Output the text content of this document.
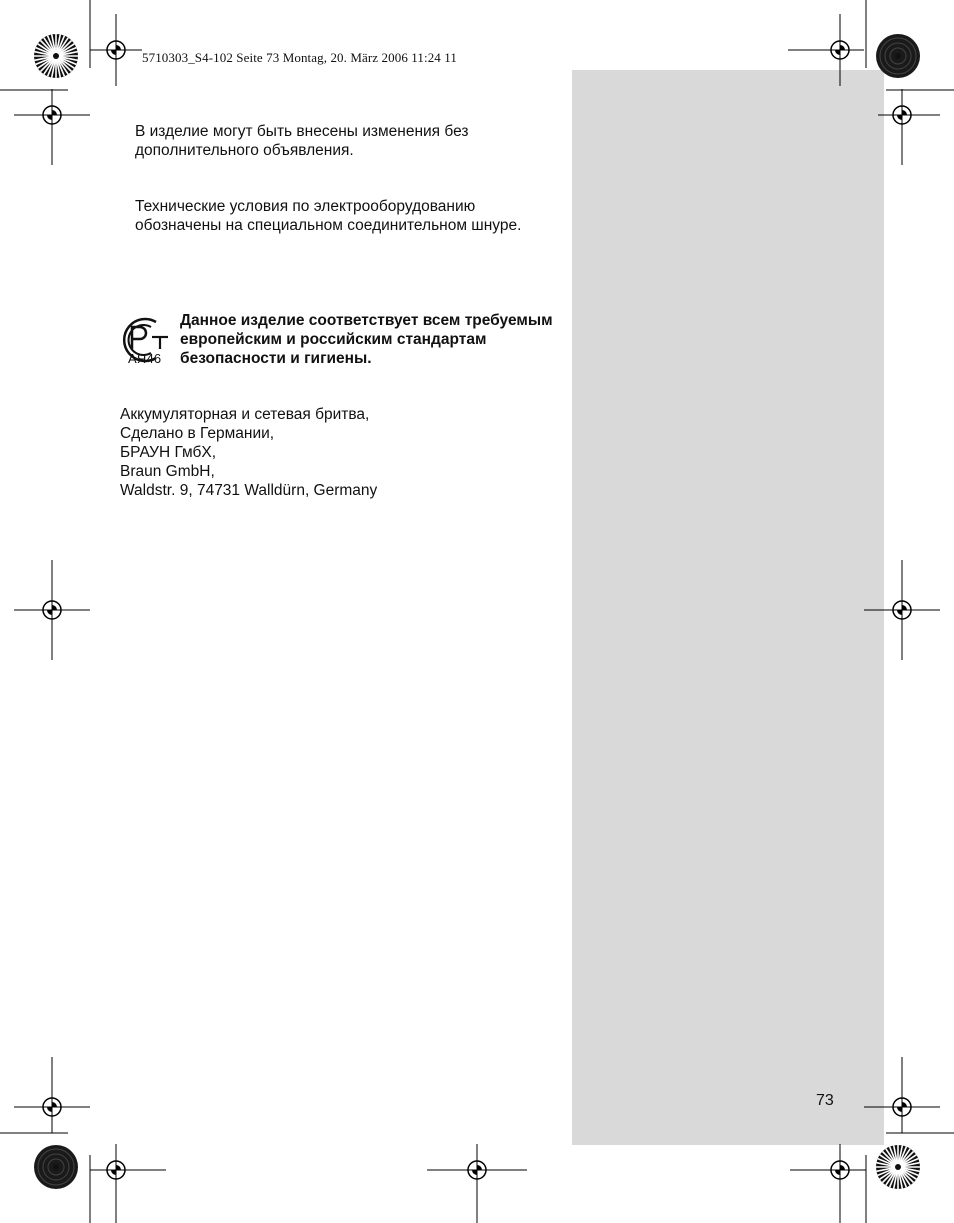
5710303_S4-102 Seite 73 Montag, 20. März 2006 11:24 11

В изделие могут быть внесены изменения без дополнительного объявления.

Технические условия по электрооборудованию обозначены на специальном соединительном шнуре.

АЯ46

Данное изделие соответствует всем требуемым европейским и российским стандартам безопасности и гигиены.

Аккумуляторная и сетевая бритва,
Сделано в Германии,
БРАУН ГмбХ,
Braun GmbH,
Waldstr. 9, 74731 Walldürn, Germany
73
